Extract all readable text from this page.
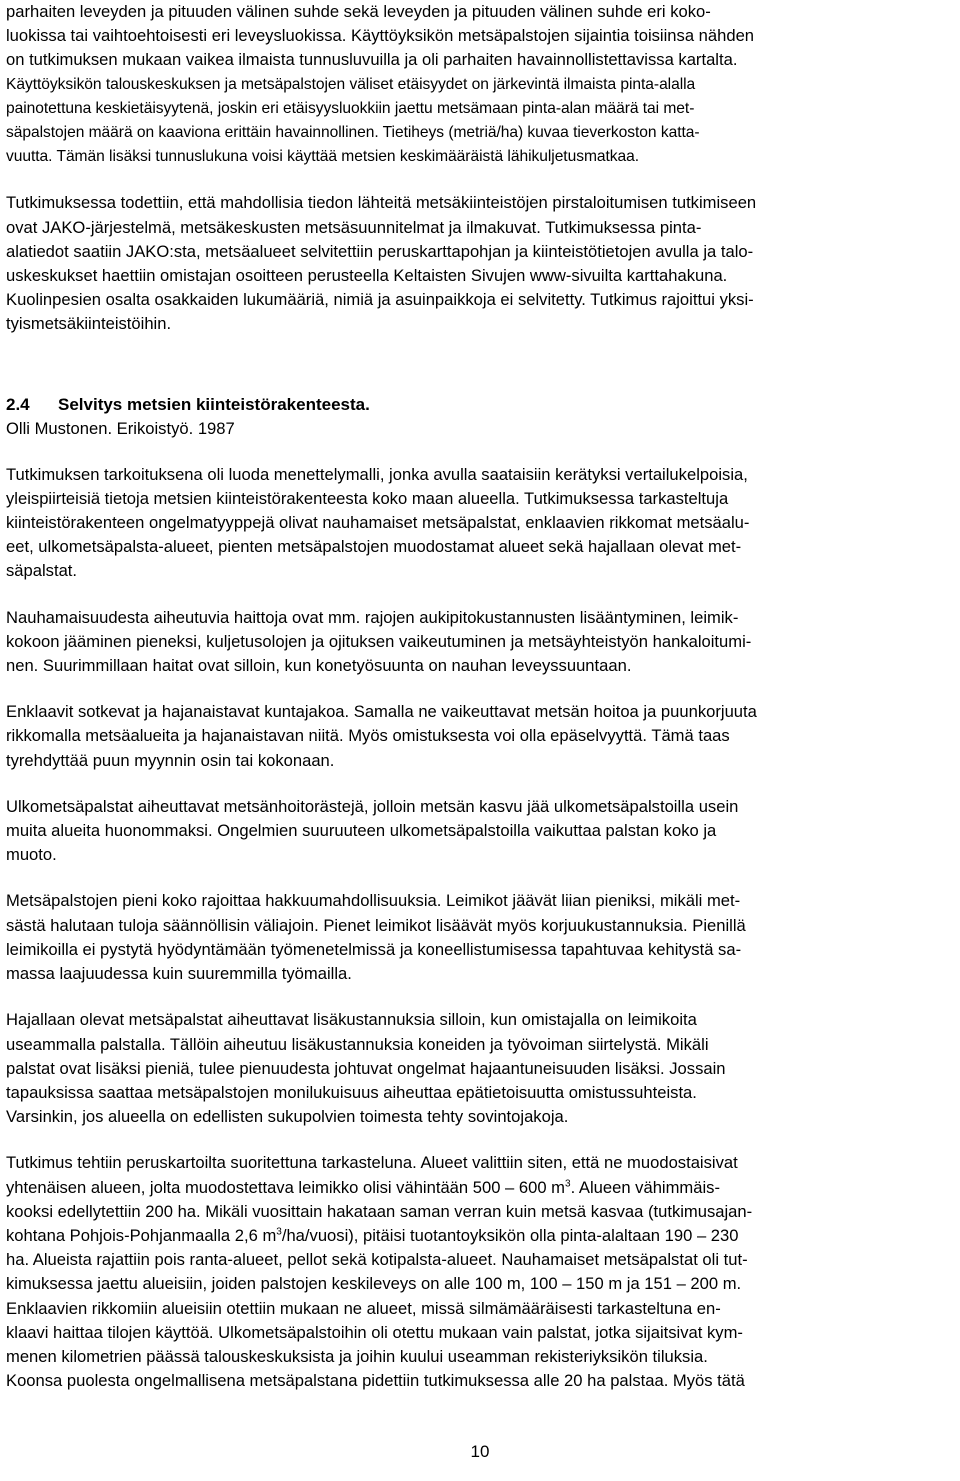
parhaiten leveyden ja pituuden välinen suhde sekä leveyden ja pituuden välinen suhde eri koko-
luokissa tai vaihtoehtoisesti eri leveysluokissa. Käyttöyksikön metsäpalstojen sijaintia toisiinsa nähden
on tutkimuksen mukaan vaikea ilmaista tunnusluvuilla ja oli parhaiten havainnollistettavissa kartalta.
Käyttöyksikön talouskeskuksen ja metsäpalstojen väliset etäisyydet on järkevintä ilmaista pinta-alalla
painotettuna keskietäisyytenä, joskin eri etäisyysluokkiin jaettu metsämaan pinta-alan määrä tai met-
säpalstojen määrä on kaaviona erittäin havainnollinen. Tietiheys (metriä/ha) kuvaa tieverkoston katta-
vuutta. Tämän lisäksi tunnuslukuna voisi käyttää metsien keskimääräistä lähikuljetusmatkaa.
Tutkimuksessa todettiin, että mahdollisia tiedon lähteitä metsäkiinteistöjen pirstaloitumisen tutkimiseen
ovat JAKO-järjestelmä, metsäkeskusten metsäsuunnitelmat ja ilmakuvat. Tutkimuksessa pinta-
alatiedot saatiin JAKO:sta, metsäalueet selvitettiin peruskarttapohjan ja kiinteistötietojen avulla ja talo-
uskeskukset haettiin omistajan osoitteen perusteella Keltaisten Sivujen www-sivuilta karttahakuna.
Kuolinpesien osalta osakkaiden lukumääriä, nimiä ja asuinpaikkoja ei selvitetty. Tutkimus rajoittui yksi-
tyismetsäkiinteistöihin.
2.4 Selvitys metsien kiinteistörakenteesta.
Olli Mustonen. Erikoistyö. 1987
Tutkimuksen tarkoituksena oli luoda menettelymalli, jonka avulla saataisiin kerätyksi vertailukelpoisia,
yleispiirteisiä tietoja metsien kiinteistörakenteesta koko maan alueella. Tutkimuksessa tarkasteltuja
kiinteistörakenteen ongelmatyyppejä olivat nauhamaiset metsäpalstat, enklaavien rikkomat metsäalu-
eet, ulkometsäpalsta-alueet, pienten metsäpalstojen muodostamat alueet sekä hajallaan olevat met-
säpalstat.
Nauhamaisuudesta aiheutuvia haittoja ovat mm. rajojen aukipitokustannusten lisääntyminen, leimik-
kokoon jääminen pieneksi, kuljetusolojen ja ojituksen vaikeutuminen ja metsäyhteistyön hankaloitumi-
nen. Suurimmillaan haitat ovat silloin, kun konetyösuunta on nauhan leveyssuuntaan.
Enklaavit sotkevat ja hajanaistavat kuntajakoa. Samalla ne vaikeuttavat metsän hoitoa ja puunkorjuuta
rikkomalla metsäalueita ja hajanaistavan niitä. Myös omistuksesta voi olla epäselvyyttä. Tämä taas
tyrehdyttää puun myynnin osin tai kokonaan.
Ulkometsäpalstat aiheuttavat metsänhoitorästejä, jolloin metsän kasvu jää ulkometsäpalstoilla usein
muita alueita huonommaksi. Ongelmien suuruuteen ulkometsäpalstoilla vaikuttaa palstan koko ja
muoto.
Metsäpalstojen pieni koko rajoittaa hakkuumahdollisuuksia. Leimikot jäävät liian pieniksi, mikäli met-
sästä halutaan tuloja säännöllisin väliajoin. Pienet leimikot lisäävät myös korjuukustannuksia. Pienillä
leimikoilla ei pystytä hyödyntämään työmenetelmissä ja koneellistumisessa tapahtuvaa kehitystä sa-
massa laajuudessa kuin suuremmilla työmailla.
Hajallaan olevat metsäpalstat aiheuttavat lisäkustannuksia silloin, kun omistajalla on leimikoita
useammalla palstalla. Tällöin aiheutuu lisäkustannuksia koneiden ja työvoiman siirtelystä. Mikäli
palstat ovat lisäksi pieniä, tulee pienuudesta johtuvat ongelmat hajaantuneisuuden lisäksi. Jossain
tapauksissa saattaa metsäpalstojen monilukuisuus aiheuttaa epätietoisuutta omistussuhteista.
Varsinkin, jos alueella on edellisten sukupolvien toimesta tehty sovintojakoja.
Tutkimus tehtiin peruskartoilta suoritettuna tarkasteluna. Alueet valittiin siten, että ne muodostaisivat
yhtenäisen alueen, jolta muodostettava leimikko olisi vähintään 500 – 600 $m^3$. Alueen vähimmäis-
kooksi edellytettiin 200 ha. Mikäli vuosittain hakataan saman verran kuin metsä kasvaa (tutkimusajan-
kohtana Pohjois-Pohjanmaalla 2,6 $m^3/ha/vuosi$), pitäisi tuotantoyksikön olla pinta-alaltaan 190 – 230
ha. Alueista rajattiin pois ranta-alueet, pellot sekä kotipalsta-alueet. Nauhamaiset metsäpalstat oli tut-
kimuksessa jaettu alueisiin, joiden palstojen keskileveys on alle 100 m, 100 – 150 m ja 151 – 200 m.
Enklaavien rikkomiin alueisiin otettiin mukaan ne alueet, missä silmämääräisesti tarkasteltuna en-
klaavi haittaa tilojen käyttöä. Ulkometsäpalstoihin oli otettu mukaan vain palstat, jotka sijaitsivat kym-
menen kilometrien päässä talouskeskuksista ja joihin kuului useamman rekisteriyksikön tiluksia.
Koonsa puolesta ongelmallisena metsäpalstana pidettiin tutkimuksessa alle 20 ha palstaa. Myös tätä
10
